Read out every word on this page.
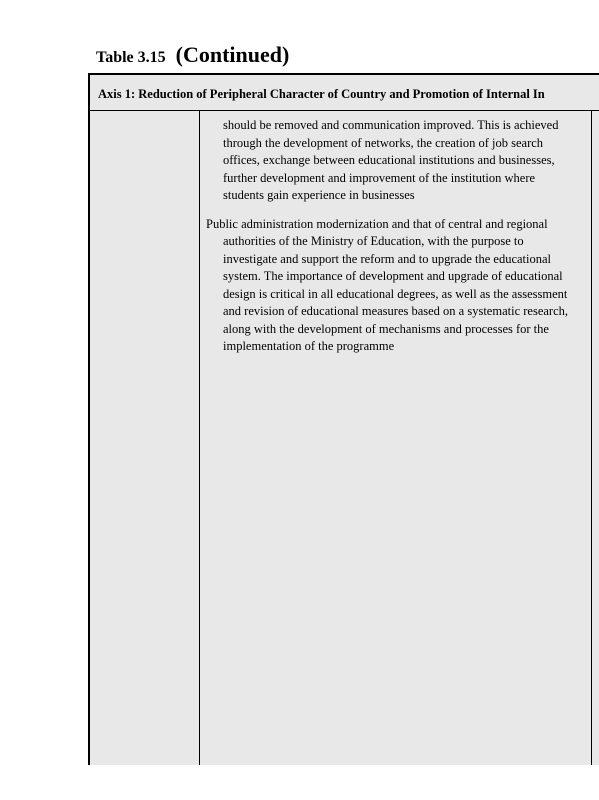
Table 3.15 (Continued)
Axis 1: Reduction of Peripheral Character of Country and Promotion of Internal In

should be removed and communication improved. This is achieved through the development of networks, the creation of job search offices, exchange between educational institutions and businesses, further development and improvement of the institution where students gain experience in businesses

Public administration modernization and that of central and regional authorities of the Ministry of Education, with the purpose to investigate and support the reform and to upgrade the educational system. The importance of development and upgrade of educational design is critical in all educational degrees, as well as the assessment and revision of educational measures based on a systematic research, along with the development of mechanisms and processes for the implementation of the programme
